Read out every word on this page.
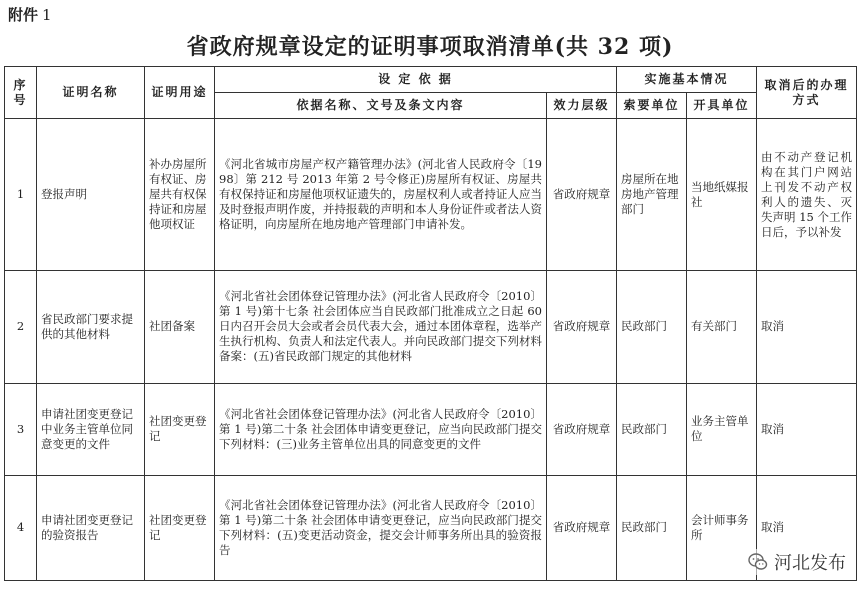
附件 1
省政府规章设定的证明事项取消清单(共 32 项)
序号	证明名称	证明用途	设 定 依 据		实施基本情况		取消后的办理方式
			依据名称、文号及条文内容	效力层级	索要单位	开具单位	
1	登报声明	补办房屋所有权证、房屋共有权保持证和房屋他项权证	《河北省城市房屋产权产籍管理办法》(河北省人民政府令〔1998〕第 212 号 2013 年第 2 号令修正)房屋所有权证、房屋共有权保持证和房屋他项权证遗失的，房屋权利人或者持证人应当及时登报声明作废，并持报载的声明和本人身份证件或者法人资格证明，向房屋所在地房地产管理部门申请补发。	省政府规章	房屋所在地房地产管理部门	当地纸媒报社	由不动产登记机构在其门户网站上刊发不动产权利人的遗失、灭失声明 15 个工作日后，予以补发
2	省民政部门要求提供的其他材料	社团备案	《河北省社会团体登记管理办法》(河北省人民政府令〔2010〕第 1 号)第十七条 社会团体应当自民政部门批准成立之日起 60 日内召开会员大会或者会员代表大会，通过本团体章程，选举产生执行机构、负责人和法定代表人。并向民政部门提交下列材料备案：(五)省民政部门规定的其他材料	省政府规章	民政部门	有关部门	取消
3	申请社团变更登记中业务主管单位同意变更的文件	社团变更登记	《河北省社会团体登记管理办法》(河北省人民政府令〔2010〕第 1 号)第二十条 社会团体申请变更登记，应当向民政部门提交下列材料：(三)业务主管单位出具的同意变更的文件	省政府规章	民政部门	业务主管单位	取消
4	申请社团变更登记的验资报告	社团变更登记	《河北省社会团体登记管理办法》(河北省人民政府令〔2010〕第 1 号)第二十条 社会团体申请变更登记，应当向民政部门提交下列材料：(五)变更活动资金，提交会计师事务所出具的验资报告	省政府规章	民政部门	会计师事务所	取消
河北发布
